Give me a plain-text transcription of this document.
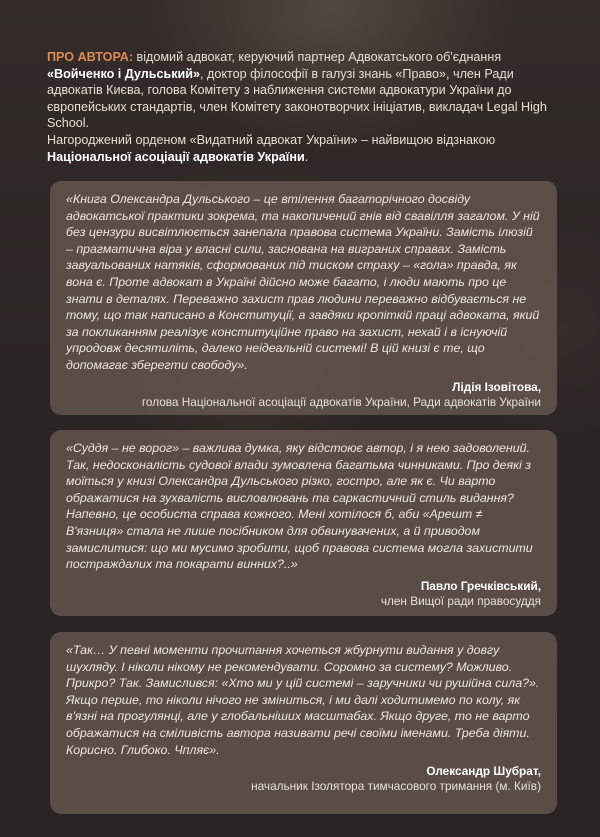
ПРО АВТОРА: відомий адвокат, керуючий партнер Адвокатського об'єднання «Войченко і Дульський», доктор філософії в галузі знань «Право», член Ради адвокатів Києва, голова Комітету з наближення системи адвокатури України до європейських стандартів, член Комітету законотворчих ініціатив, викладач Legal High School.

Нагороджений орденом «Видатний адвокат України» – найвищою відзнакою Національної асоціації адвокатів України.

«Книга Олександра Дульського – це втілення багаторічного досвіду адвокатської практики зокрема, та накопичений гнів від свавілля загалом. У ній без цензури висвітлюється занепала правова система України. Замість ілюзій – прагматична віра у власні сили, заснована на виграних справах. Замість завуальованих натяків, сформованих під тиском страху – «гола» правда, як вона є. Проте адвокат в Україні дійсно може багато, і люди мають про це знати в деталях. Переважно захист прав людини переважно відбувається не тому, що так написано в Конституції, а завдяки кропіткій праці адвоката, який за покликанням реалізує конституційне право на захист, нехай і в існуючій упродовж десятиліть, далеко неідеальній системі! В цій книзі є те, що допомагає зберегти свободу».

Лідія Ізовітова,
голова Національної асоціації адвокатів України, Ради адвокатів України

«Суддя – не ворог» – важлива думка, яку відстоює автор, і я нею задоволений. Так, недосконалість судової влади зумовлена багатьма чинниками. Про деякі з моїться у книзі Олександра Дульського різко, гостро, але як є. Чи варто ображатися на зухвалість висловлювань та саркастичний стиль видання? Напевно, це особиста справа кожного. Мені хотілося б, аби «Арешт ≠ В'язниця» стала не лише посібником для обвинувачених, а й приводом замислитися: що ми мусимо зробити, щоб правова система могла захистити постраждалих та покарати винних?..»

Павло Гречківський,
член Вищої ради правосуддя

«Так… У певні моменти прочитання хочеться жбурнути видання у довгу шухляду. І ніколи нікому не рекомендувати. Соромно за систему? Можливо. Прикро? Так. Замислився: «Хто ми у цій системі – заручники чи рушійна сила?». Якщо перше, то ніколи нічого не зміниться, і ми далі ходитимемо по колу, як в'язні на прогулянці, але у глобальніших масштабах. Якщо друге, то не варто ображатися на сміливість автора називати речі своїми іменами. Треба діяти. Корисно. Глибоко. Чпляє».

Олександр Шубрат,
начальник Ізолятора тимчасового тримання (м. Київ)
